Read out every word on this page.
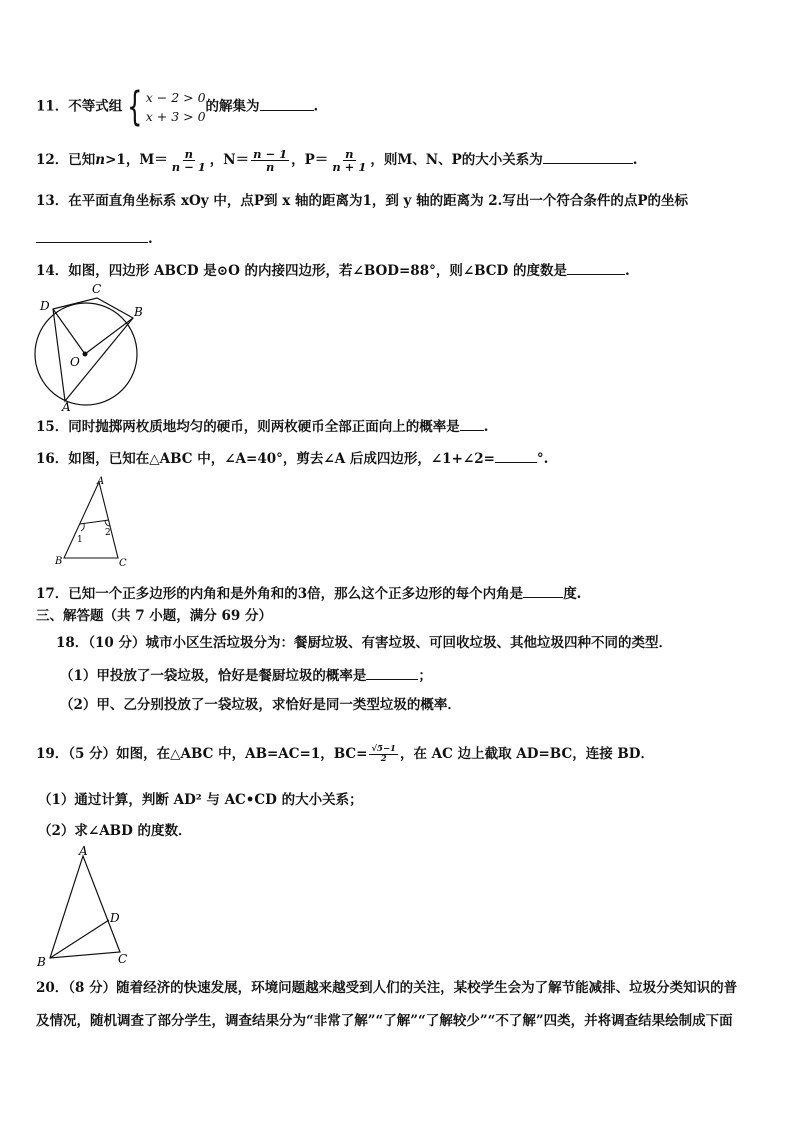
11．不等式组 { x − 2 > 0
x + 3 > 0
的解集为	.
12．已知n>1，$M= \frac{n}{n - 1}$ ，$N= \frac{n - 1}{n}$ ，$P= \frac{n}{n + 1}$ ，则M、N、P的大小关系为	.
13．在平面直角坐标系 xOy 中，点P到 x 轴的距离为1，到 y 轴的距离为 2.写出一个符合条件的点P的坐标
.
14．如图，四边形 ABCD 是⊙O 的内接四边形，若∠BOD=88°，则∠BCD 的度数是	.
D
C
B
O
A
15．同时抛掷两枚质地均匀的硬币，则两枚硬币全部正面向上的概率是 .
16．如图，已知在△ABC 中，∠A=40°，剪去∠A 后成四边形，∠1+∠2=	°.
A
B	C
1
2
17．已知一个正多边形的内角和是外角和的3倍，那么这个正多边形的每个内角是	度.
三、解答题（共 7 小题，满分 69 分）
18．（10 分）城市小区生活垃圾分为：餐厨垃圾、有害垃圾、可回收垃圾、其他垃圾四种不同的类型．
（1）甲投放了一袋垃圾，恰好是餐厨垃圾的概率是	；
（2）甲、乙分别投放了一袋垃圾，求恰好是同一类型垃圾的概率．
19．（5 分）如图，在△ABC 中，AB=AC=1，$BC= \frac{√5-1}{2}$ ，在 AC 边上截取 AD=BC，连接 BD．
（1）通过计算，判断 AD² 与 AC•CD 的大小关系；
（2）求∠ABD 的度数．
A
B	C
D
20．（8 分）随着经济的快速发展，环境问题越来越受到人们的关注，某校学生会为了解节能减排、垃圾分类知识的普
及情况，随机调查了部分学生，调查结果分为“非常了解”“了解”“了解较少”“不了解”四类，并将调查结果绘制成下面
